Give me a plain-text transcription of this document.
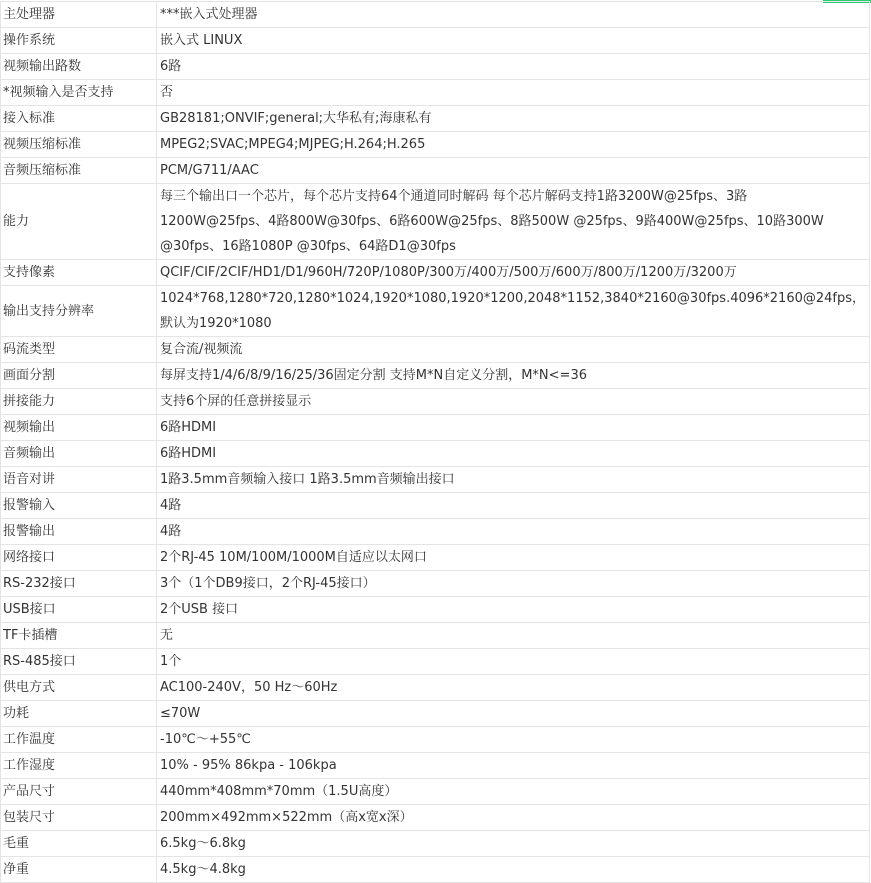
主处理器	***嵌入式处理器
操作系统	嵌入式 LINUX
视频输出路数	6路
*视频输入是否支持	否
接入标准	GB28181;ONVIF;general;大华私有;海康私有
视频压缩标准	MPEG2;SVAC;MPEG4;MJPEG;H.264;H.265
音频压缩标准	PCM/G711/AAC
能力	每三个输出口一个芯片，每个芯片支持64个通道同时解码 每个芯片解码支持1路3200W@25fps、3路
1200W@25fps、4路800W@30fps、6路600W@25fps、8路500W @25fps、9路400W@25fps、10路300W
@30fps、16路1080P @30fps、64路D1@30fps

支持像素	QCIF/CIF/2CIF/HD1/D1/960H/720P/1080P/300万/400万/500万/600万/800万/1200万/3200万
输出支持分辨率	1024*768,1280*720,1280*1024,1920*1080,1920*1200,2048*1152,3840*2160@30fps.4096*2160@24fps，
默认为1920*1080

码流类型	复合流/视频流
画面分割	每屏支持1/4/6/8/9/16/25/36固定分割 支持M*N自定义分割，M*N<=36
拼接能力	支持6个屏的任意拼接显示
视频输出	6路HDMI
音频输出	6路HDMI
语音对讲	1路3.5mm音频输入接口 1路3.5mm音频输出接口
报警输入	4路
报警输出	4路
网络接口	2个RJ-45 10M/100M/1000M自适应以太网口
RS-232接口	3个（1个DB9接口，2个RJ-45接口）
USB接口	2个USB 接口
TF卡插槽	无
RS-485接口	1个
供电方式	AC100-240V，50 Hz～60Hz
功耗	≤70W
工作温度	-10℃～+55℃
工作湿度	10% - 95% 86kpa - 106kpa
产品尺寸	440mm*408mm*70mm（1.5U高度）
包装尺寸	200mm×492mm×522mm（高x宽x深）
毛重	6.5kg～6.8kg
净重	4.5kg～4.8kg
